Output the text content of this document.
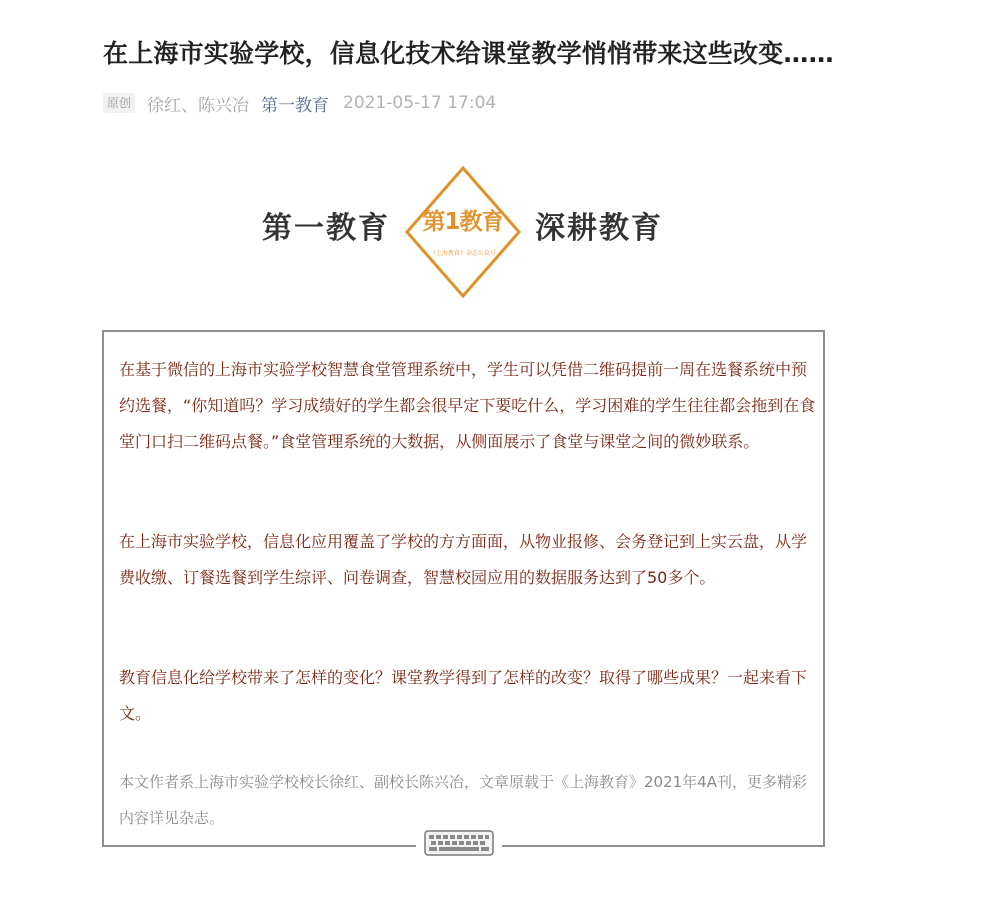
在上海市实验学校，信息化技术给课堂教学悄悄带来这些改变……
原创 徐红、陈兴冶 第一教育 2021-05-17 17:04
第一教育	第1教育
《上海教育》杂志公众号
深耕教育

在基于微信的上海市实验学校智慧食堂管理系统中，学生可以凭借二维码提前一周在选餐系统中预约选餐，“你知道吗？学习成绩好的学生都会很早定下要吃什么，学习困难的学生往往都会拖到在食堂门口扫二维码点餐。”食堂管理系统的大数据，从侧面展示了食堂与课堂之间的微妙联系。

在上海市实验学校，信息化应用覆盖了学校的方方面面，从物业报修、会务登记到上实云盘，从学费收缴、订餐选餐到学生综评、问卷调查，智慧校园应用的数据服务达到了50多个。

教育信息化给学校带来了怎样的变化？课堂教学得到了怎样的改变？取得了哪些成果？一起来看下文。

本文作者系上海市实验学校校长徐红、副校长陈兴冶，文章原载于《上海教育》2021年4A刊，更多精彩内容详见杂志。
